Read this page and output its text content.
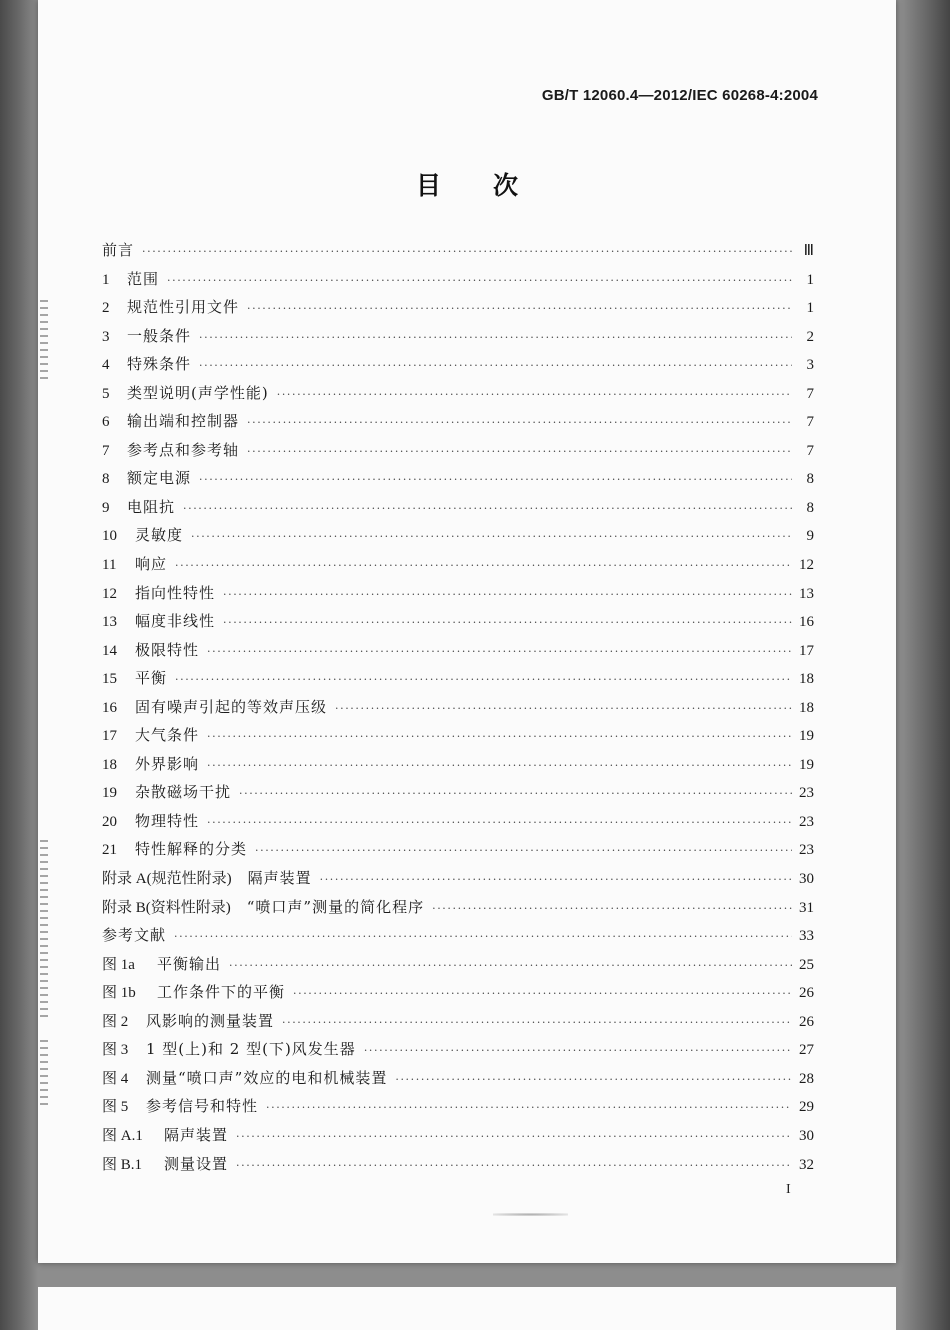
GB/T 12060.4—2012/IEC 60268-4:2004
目次
前言 ·····	Ⅲ
1	范围 ·····	1
2	规范性引用文件 ·····	1
3	一般条件 ·····	2
4	特殊条件 ·····	3
5	类型说明(声学性能) ·····	7
6	输出端和控制器 ·····	7
7	参考点和参考轴 ·····	7
8	额定电源 ·····	8
9	电阻抗 ·····	8
10	灵敏度 ·····	9
11	响应 ·····	12
12	指向性特性 ·····	13
13	幅度非线性 ·····	16
14	极限特性 ·····	17
15	平衡 ·····	18
16	固有噪声引起的等效声压级 ·····	18
17	大气条件 ·····	19
18	外界影响 ·····	19
19	杂散磁场干扰 ·····	23
20	物理特性 ·····	23
21	特性解释的分类 ·····	23
附录 A(规范性附录) 隔声装置 ·····	30
附录 B(资料性附录) “喷口声”测量的简化程序 ·····	31
参考文献 ·····	33
图 1a	平衡输出 ·····	25
图 1b	工作条件下的平衡 ·····	26
图 2	风影响的测量装置 ·····	26
图 3	1 型(上)和 2 型(下)风发生器 ·····	27
图 4	测量“喷口声”效应的电和机械装置 ·····	28
图 5	参考信号和特性 ·····	29
图 A.1	隔声装置 ·····	30
图 B.1	测量设置 ·····	32
I
